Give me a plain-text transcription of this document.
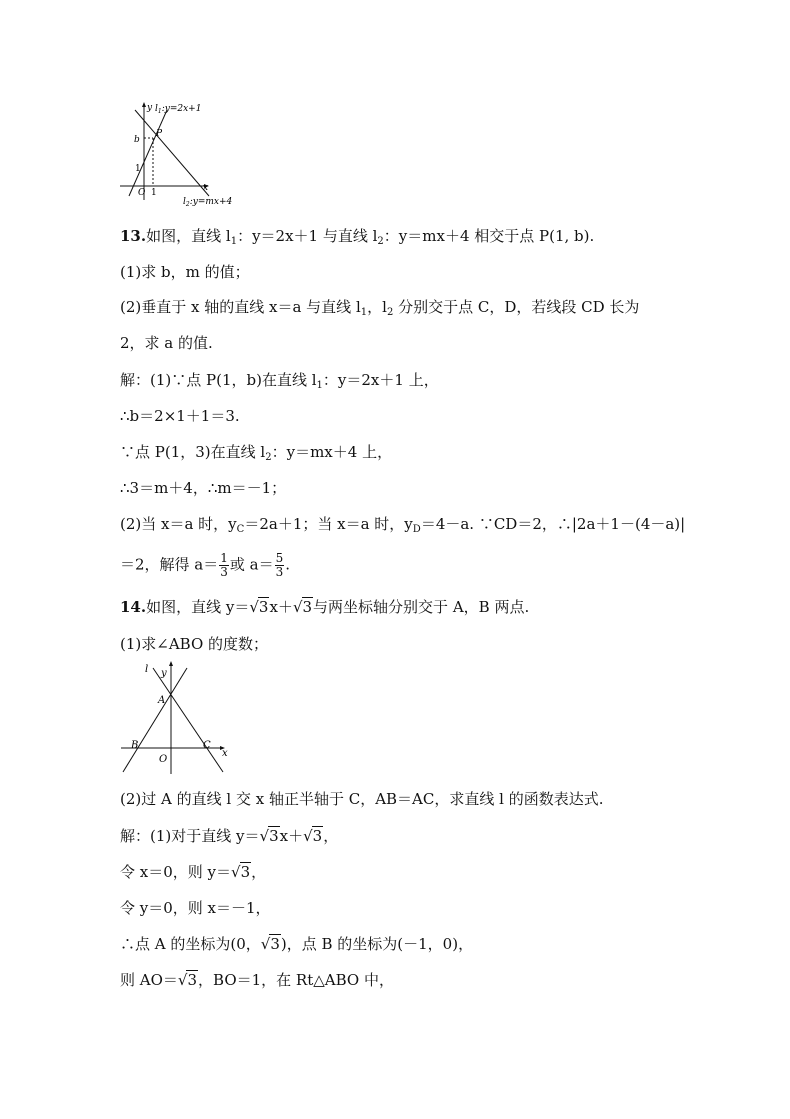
y $l_1:y=2x+1$
P
b
1
O 1	x
$l_2:y=mx+4$
13.如图，直线 $l_1$：y＝2x＋1 与直线 $l_2$：y＝mx＋4 相交于点 P(1, b).
(1)求 b，m 的值；
(2)垂直于 x 轴的直线 x＝a 与直线 $l_1$，$l_2$ 分别交于点 C，D，若线段 CD 长为
2，求 a 的值.
解：(1)∵点 P(1，b)在直线 $l_1$：y＝2x＋1 上，
∴b＝2×1＋1＝3.
∵点 P(1，3)在直线 $l_2$：y＝mx＋4 上，
∴3＝m＋4，∴m＝－1；
(2)当 x＝a 时，$y_C=2a+1$；当 x＝a 时，$y_D=4-a$. ∵CD＝2，∴|2a＋1－(4－a)|
＝2，解得 $a= \frac{1}{3}$ 或 $a= \frac{5}{3}$ .
14.如图，直线 y＝√3x＋√3与两坐标轴分别交于 A，B 两点.
(1)求∠ABO 的度数；
l y
A
B	C
x
O
(2)过 A 的直线 l 交 x 轴正半轴于 C，AB＝AC，求直线 l 的函数表达式.
解：(1)对于直线 y＝√3x＋√3，
令 x＝0，则 y＝√3，
令 y＝0，则 x＝－1，
∴点 A 的坐标为(0，√3)，点 B 的坐标为(－1，0)，
则 AO＝√3，BO＝1，在 Rt△ABO 中，
